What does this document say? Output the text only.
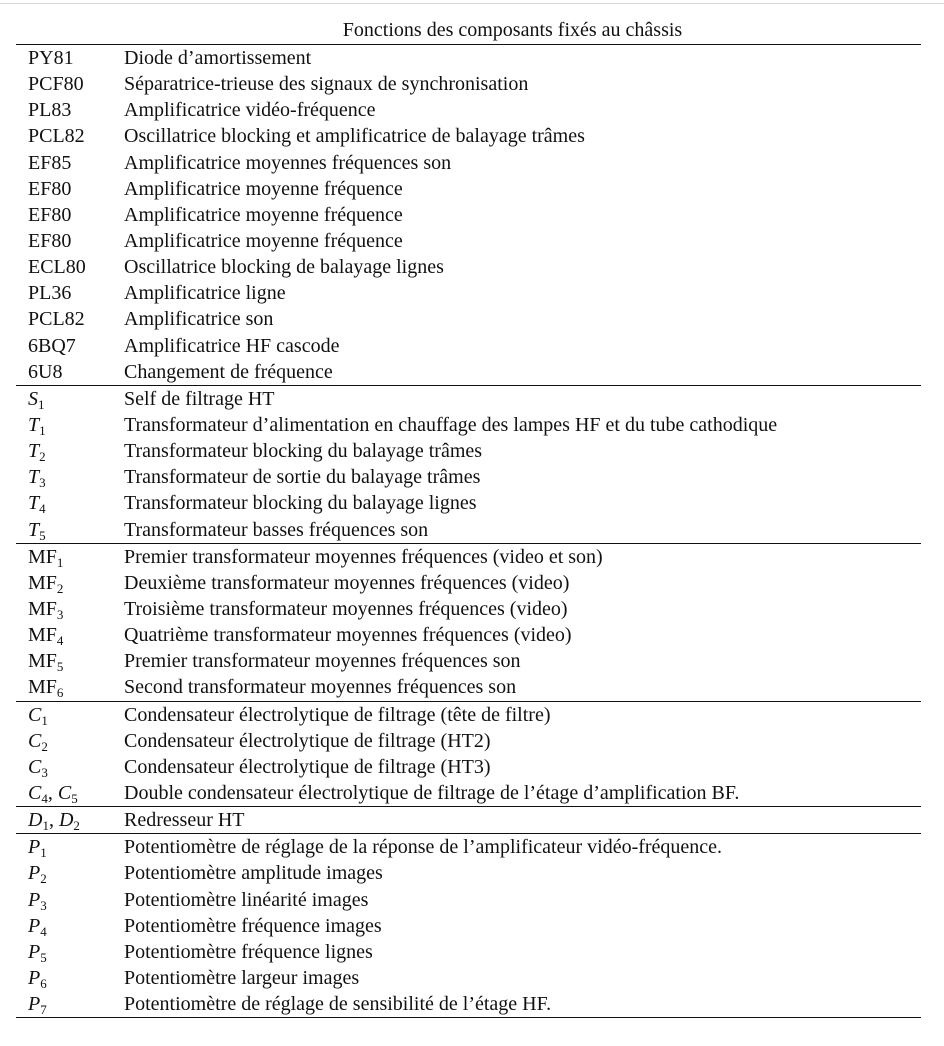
Fonctions des composants fixés au châssis
PY81	Diode d’amortissement
PCF80	Séparatrice-trieuse des signaux de synchronisation
PL83	Amplificatrice vidéo-fréquence
PCL82	Oscillatrice blocking et amplificatrice de balayage trâmes
EF85	Amplificatrice moyennes fréquences son
EF80	Amplificatrice moyenne fréquence
EF80	Amplificatrice moyenne fréquence
EF80	Amplificatrice moyenne fréquence
ECL80	Oscillatrice blocking de balayage lignes
PL36	Amplificatrice ligne
PCL82	Amplificatrice son
6BQ7	Amplificatrice HF cascode
6U8	Changement de fréquence
$S_1$	Self de filtrage HT
$T_1$	Transformateur d’alimentation en chauffage des lampes HF et du tube cathodique
$T_2$	Transformateur blocking du balayage trâmes
$T_3$	Transformateur de sortie du balayage trâmes
$T_4$	Transformateur blocking du balayage lignes
$T_5$	Transformateur basses fréquences son
$MF_1$	Premier transformateur moyennes fréquences (video et son)
$MF_2$	Deuxième transformateur moyennes fréquences (video)
$MF_3$	Troisième transformateur moyennes fréquences (video)
$MF_4$	Quatrième transformateur moyennes fréquences (video)
$MF_5$	Premier transformateur moyennes fréquences son
$MF_6$	Second transformateur moyennes fréquences son
$C_1$	Condensateur électrolytique de filtrage (tête de filtre)
$C_2$	Condensateur électrolytique de filtrage (HT2)
$C_3$	Condensateur électrolytique de filtrage (HT3)
$C_4$, $C_5$	Double condensateur électrolytique de filtrage de l’étage d’amplification BF.
$D_1$, $D_2$	Redresseur HT
$P_1$	Potentiomètre de réglage de la réponse de l’amplificateur vidéo-fréquence.
$P_2$	Potentiomètre amplitude images
$P_3$	Potentiomètre linéarité images
$P_4$	Potentiomètre fréquence images
$P_5$	Potentiomètre fréquence lignes
$P_6$	Potentiomètre largeur images
$P_7$	Potentiomètre de réglage de sensibilité de l’étage HF.
